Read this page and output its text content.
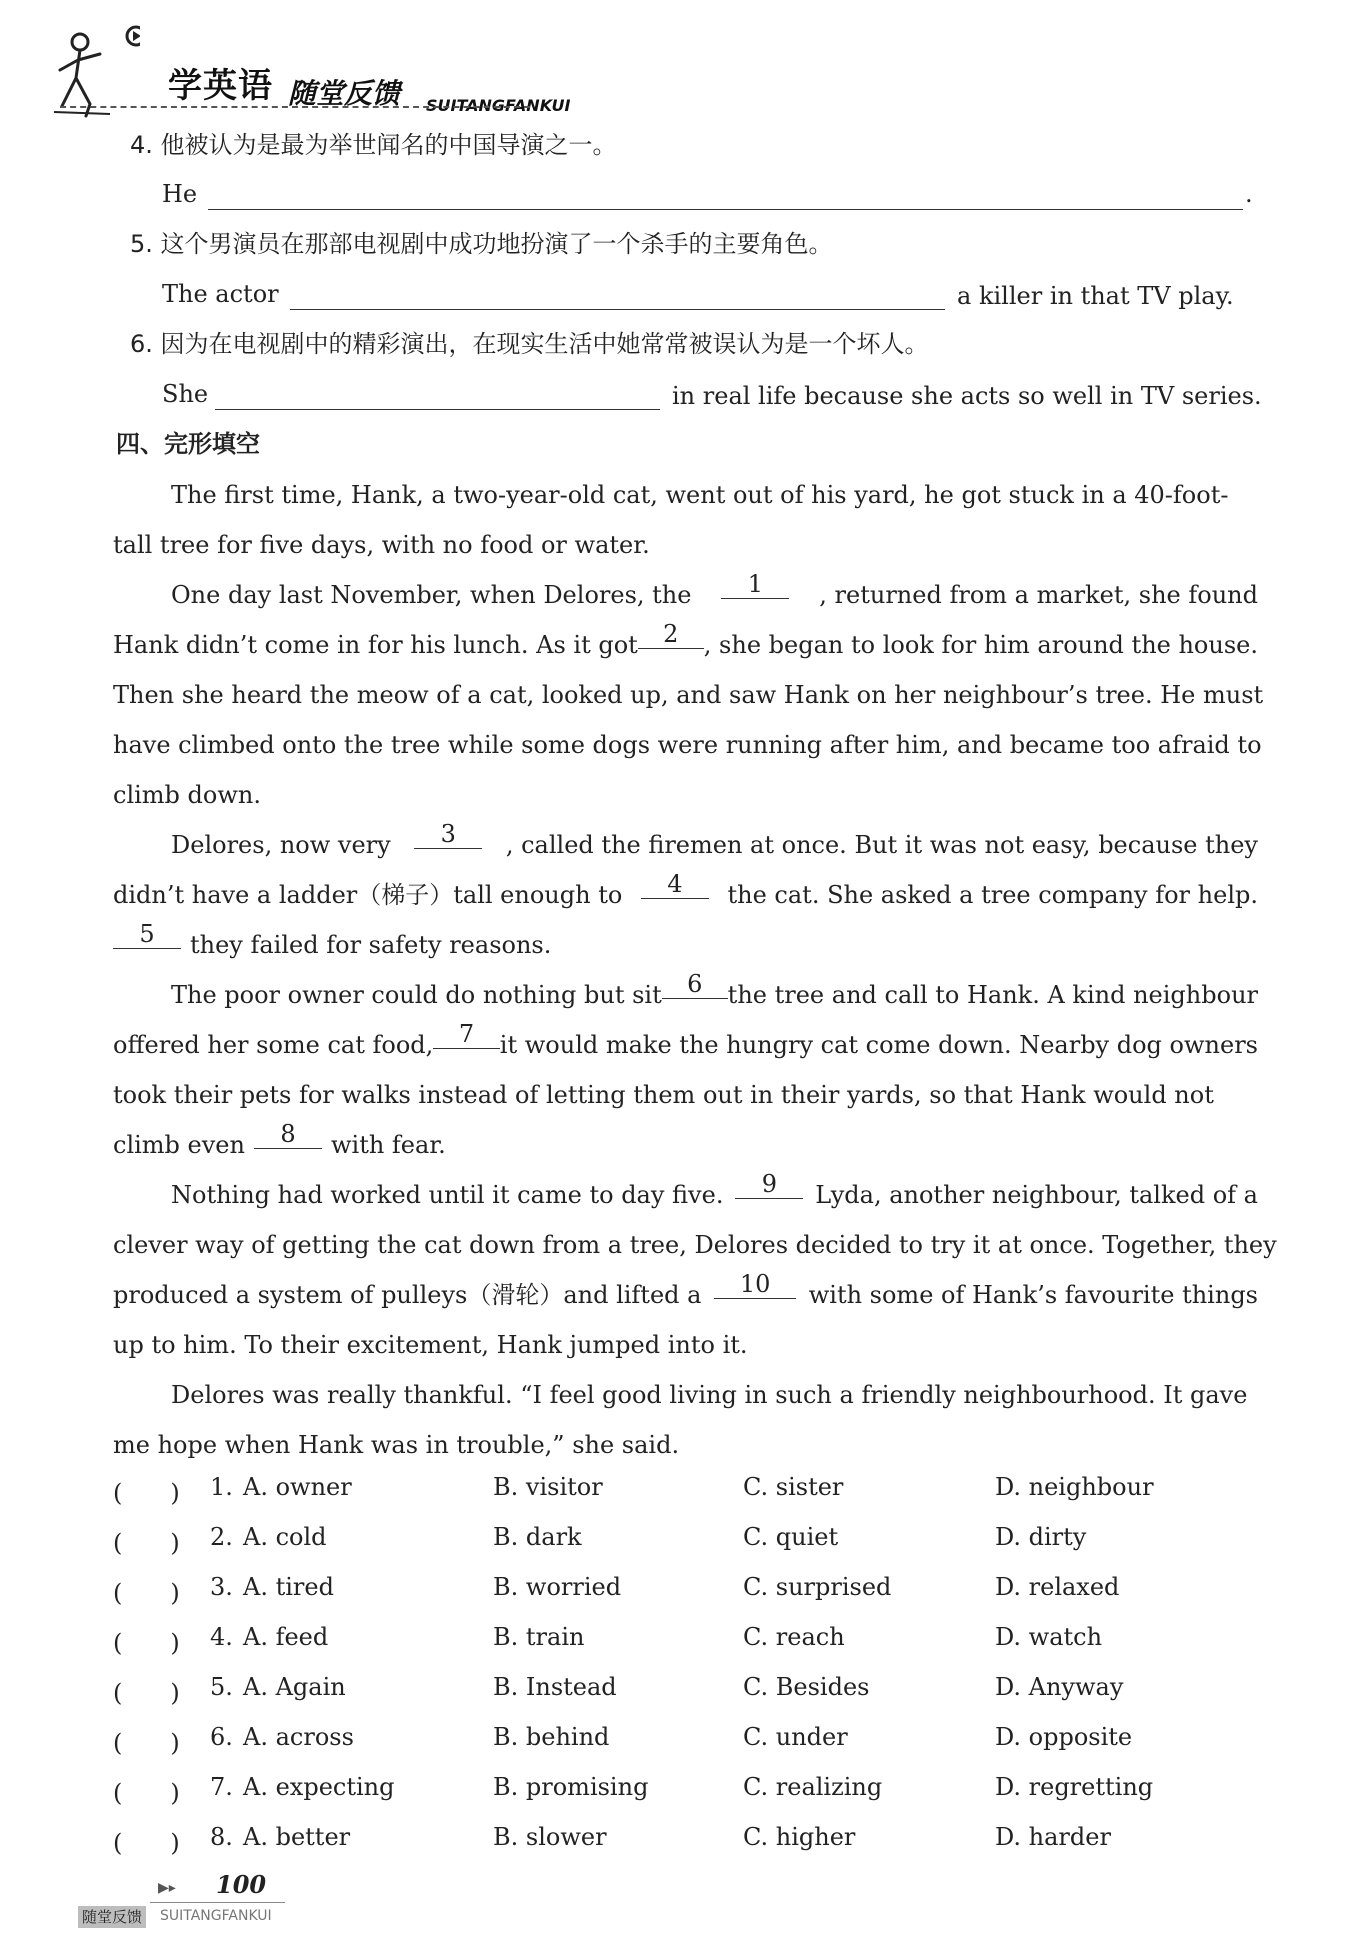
学英语 随堂反馈 SUITANGFANKUI
4. 他被认为是最为举世闻名的中国导演之一。
He	.
5. 这个男演员在那部电视剧中成功地扮演了一个杀手的主要角色。
The actor	a killer in that TV play.
6. 因为在电视剧中的精彩演出，在现实生活中她常常被误认为是一个坏人。
She	in real life because she acts so well in TV series.
四、完形填空
The first time, Hank, a two-year-old cat, went out of his yard, he got stuck in a 40-foot-
tall tree for five days, with no food or water.
One day last November, when Delores, the	1	, returned from a market, she found
Hank didn’t come in for his lunch. As it got	2	, she began to look for him around the house.
Then she heard the meow of a cat, looked up, and saw Hank on her neighbour’s tree. He must
have climbed onto the tree while some dogs were running after him, and became too afraid to
climb down.
Delores, now very	3	, called the firemen at once. But it was not easy, because they
didn’t have a ladder（梯子）tall enough to	4	the cat. She asked a tree company for help.
5	they failed for safety reasons.
The poor owner could do nothing but sit	6	the tree and call to Hank. A kind neighbour
offered her some cat food,	7	it would make the hungry cat come down. Nearby dog owners
took their pets for walks instead of letting them out in their yards, so that Hank would not
climb even	8	with fear.
Nothing had worked until it came to day five.	9	Lyda, another neighbour, talked of a
clever way of getting the cat down from a tree, Delores decided to try it at once. Together, they
produced a system of pulleys（滑轮）and lifted a	10	with some of Hank’s favourite things
up to him. To their excitement, Hank jumped into it.
Delores was really thankful. “I feel good living in such a friendly neighbourhood. It gave
me hope when Hank was in trouble,” she said.
(　　) 1. A. owner	B. visitor	C. sister	D. neighbour
(　　) 2. A. cold	B. dark	C. quiet	D. dirty
(　　) 3. A. tired	B. worried	C. surprised	D. relaxed
(　　) 4. A. feed	B. train	C. reach	D. watch
(　　) 5. A. Again	B. Instead	C. Besides	D. Anyway
(　　) 6. A. across	B. behind	C. under	D. opposite
(　　) 7. A. expecting	B. promising	C. realizing	D. regretting
(　　) 8. A. better	B. slower	C. higher	D. harder
▶▸ 100
随堂反馈 SUITANGFANKUI
